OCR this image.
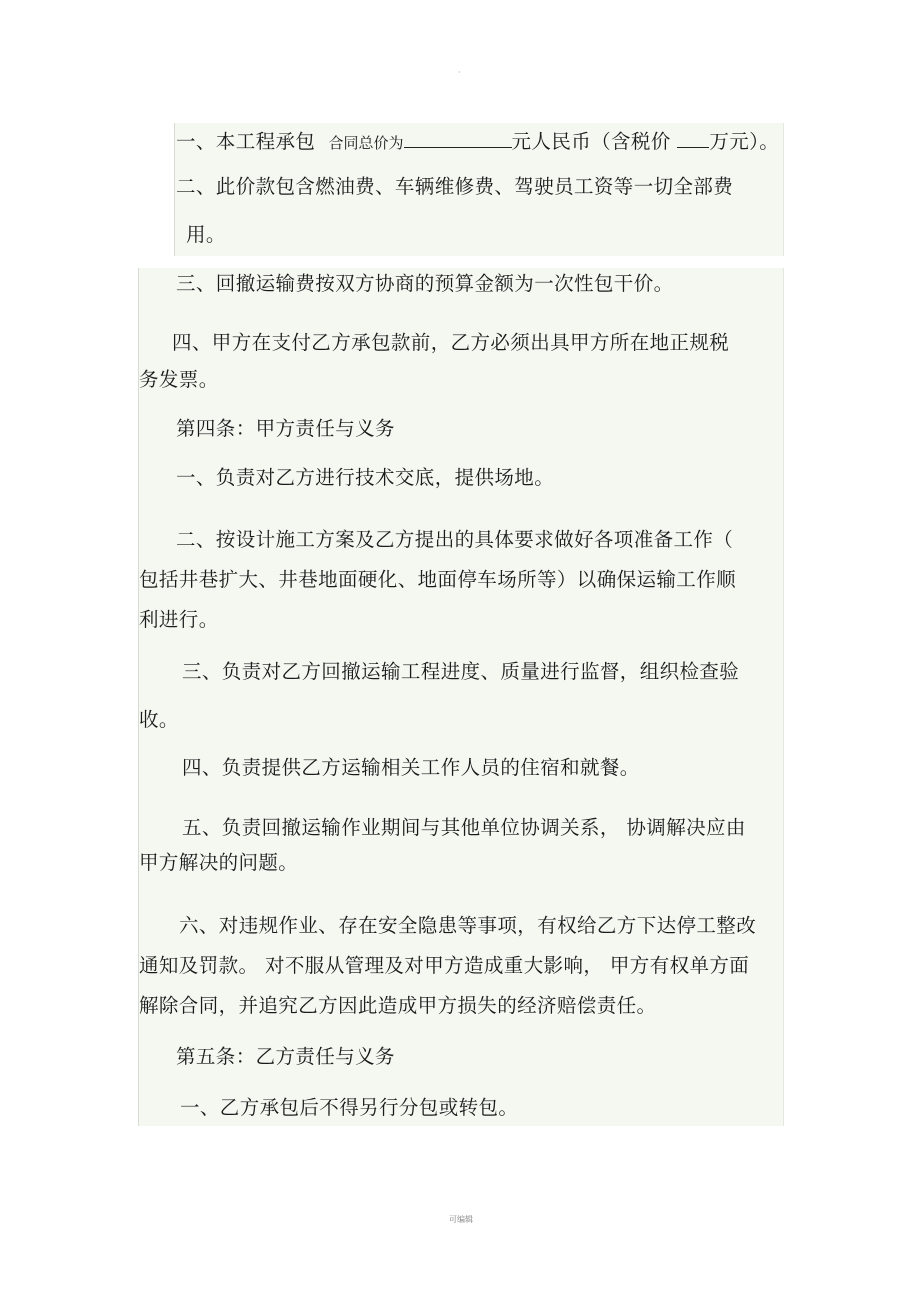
·
一、本工程承包 合同总价为	元人民币（含税价 万元）。
二、此价款包含燃油费、车辆维修费、驾驶员工资等一切全部费
用。
三、回撤运输费按双方协商的预算金额为一次性包干价。
四、甲方在支付乙方承包款前，乙方必须出具甲方所在地正规税
务发票。
第四条：甲方责任与义务
一、负责对乙方进行技术交底，提供场地。
二、按设计施工方案及乙方提出的具体要求做好各项准备工作（
包括井巷扩大、井巷地面硬化、地面停车场所等）以确保运输工作顺
利进行。
三、负责对乙方回撤运输工程进度、质量进行监督，组织检查验
收。
四、负责提供乙方运输相关工作人员的住宿和就餐。
五、负责回撤运输作业期间与其他单位协调关系， 协调解决应由
甲方解决的问题。
六、对违规作业、存在安全隐患等事项，有权给乙方下达停工整改
通知及罚款。 对不服从管理及对甲方造成重大影响， 甲方有权单方面
解除合同，并追究乙方因此造成甲方损失的经济赔偿责任。
第五条：乙方责任与义务
一、乙方承包后不得另行分包或转包。
可编辑
